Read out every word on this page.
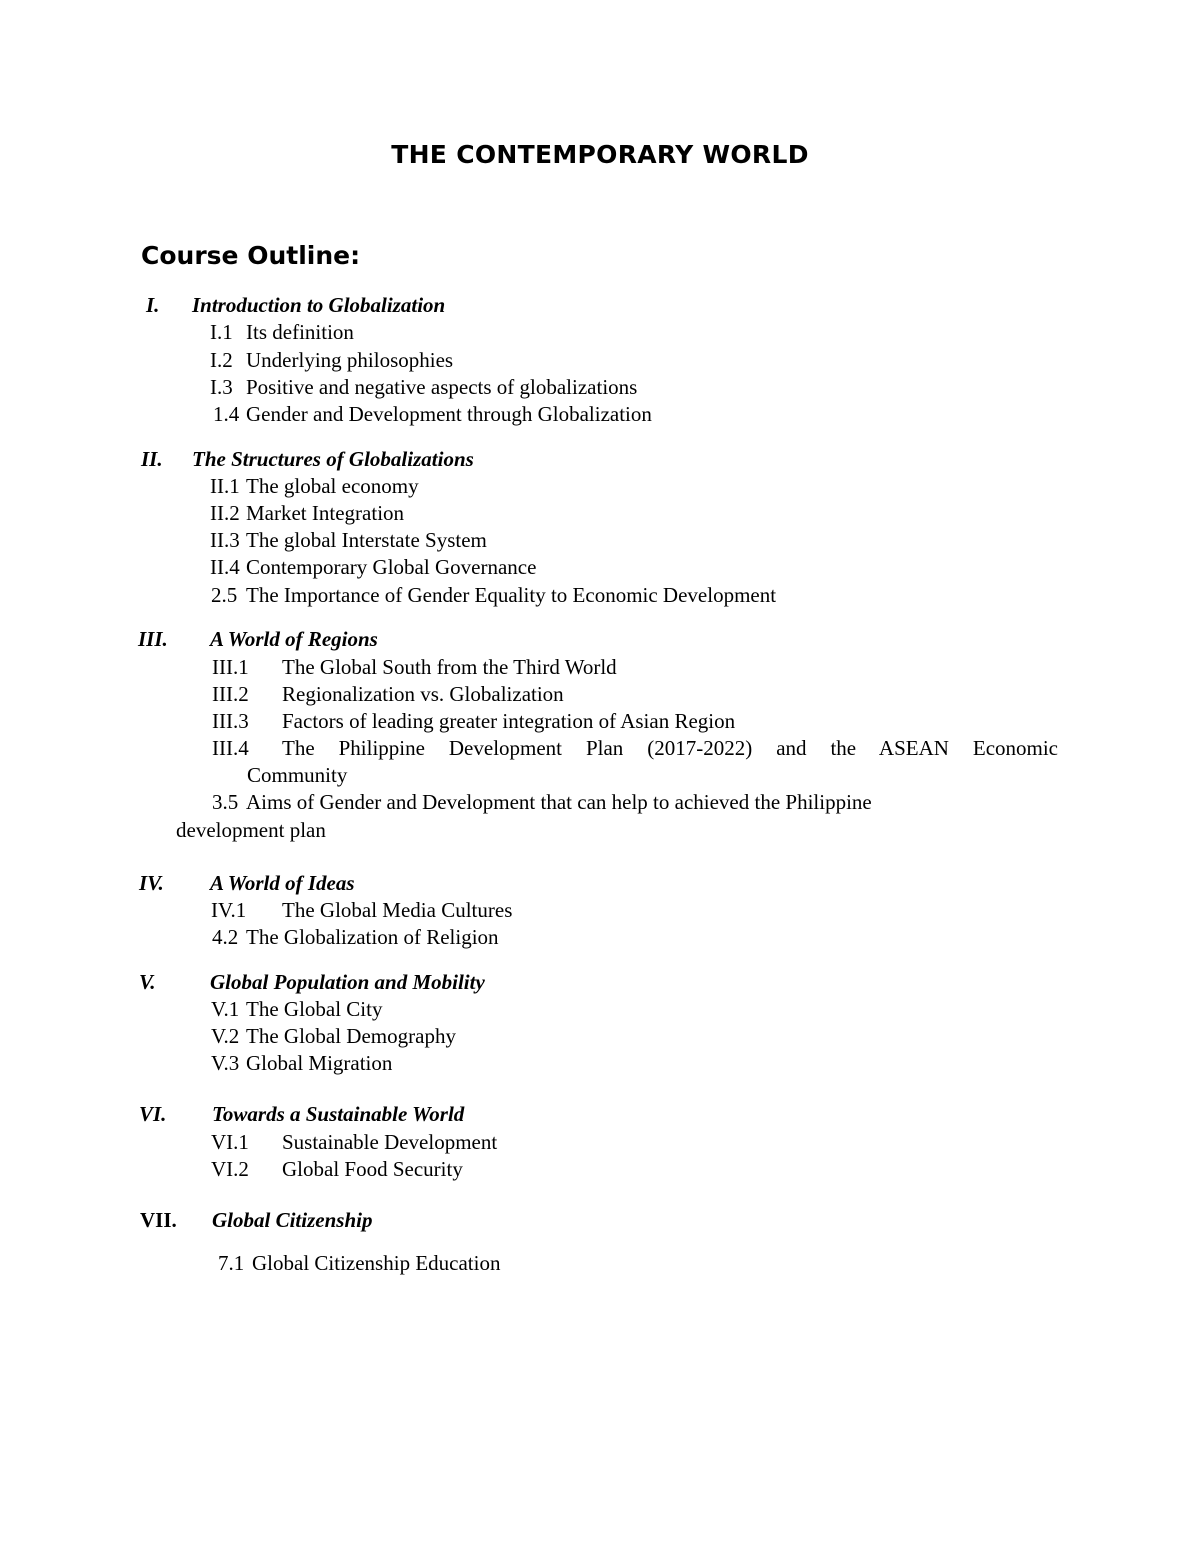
THE CONTEMPORARY WORLD
Course Outline:
I. Introduction to Globalization
I.1 Its definition
I.2 Underlying philosophies
I.3 Positive and negative aspects of globalizations
1.4 Gender and Development through Globalization
II. The Structures of Globalizations
II.1 The global economy
II.2 Market Integration
II.3 The global Interstate System
II.4 Contemporary Global Governance
2.5 The Importance of Gender Equality to Economic Development
III. A World of Regions
III.1 The Global South from the Third World
III.2 Regionalization vs. Globalization
III.3 Factors of leading greater integration of Asian Region
III.4 The Philippine Development Plan (2017-2022) and the ASEAN Economic
Community
3.5 Aims of Gender and Development that can help to achieved the Philippine
development plan
IV. A World of Ideas
IV.1 The Global Media Cultures
4.2 The Globalization of Religion
V.	Global Population and Mobility
V.1 The Global City
V.2 The Global Demography
V.3 Global Migration
VI. Towards a Sustainable World
VI.1 Sustainable Development
VI.2 Global Food Security
VII. Global Citizenship
7.1 Global Citizenship Education
